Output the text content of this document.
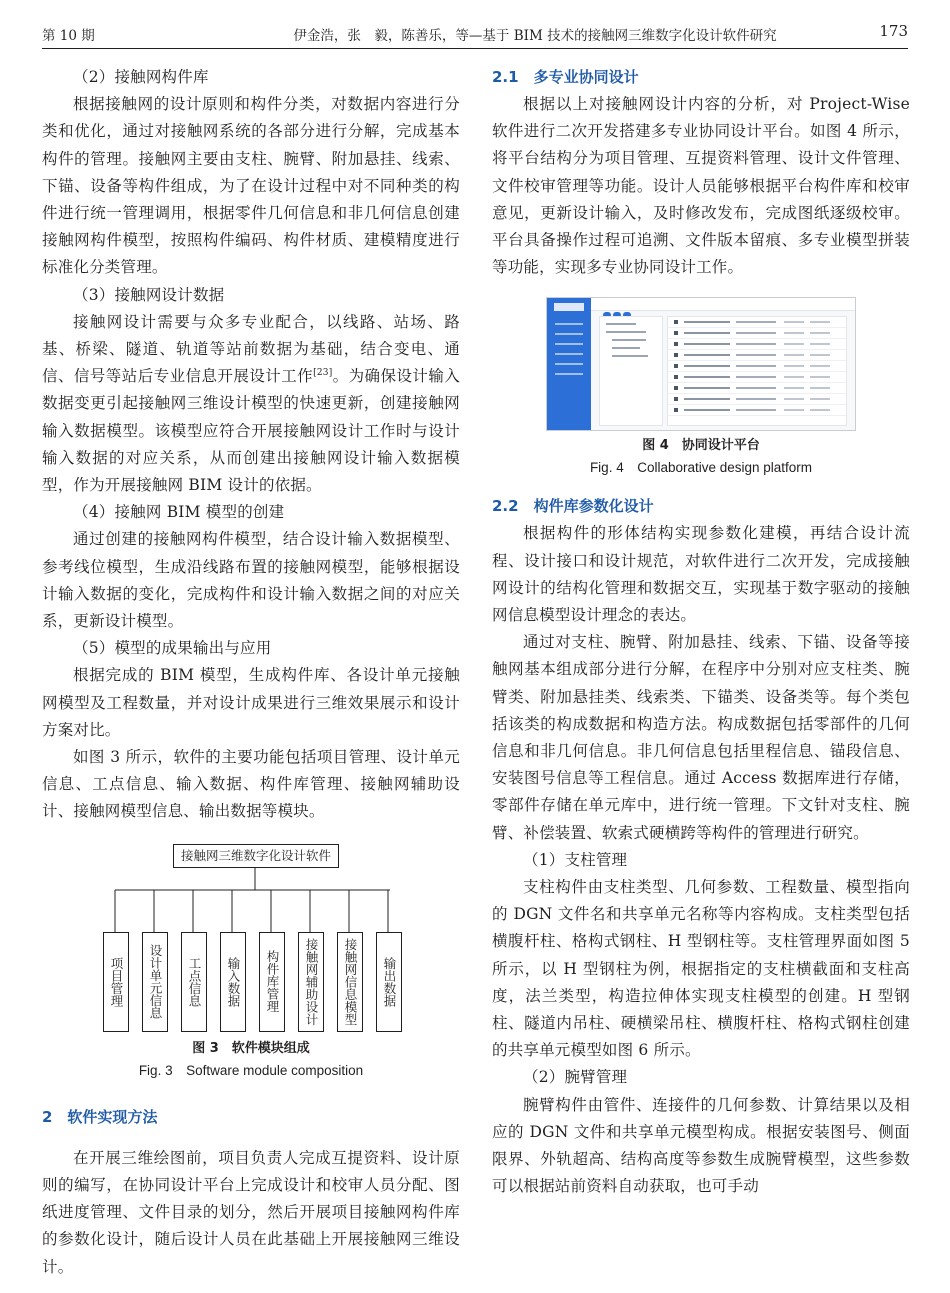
第 10 期	伊金浩，张　毅，陈善乐，等—基于 BIM 技术的接触网三维数字化设计软件研究	173

（2）接触网构件库

根据接触网的设计原则和构件分类，对数据内容进行分类和优化，通过对接触网系统的各部分进行分解，完成基本构件的管理。接触网主要由支柱、腕臂、附加悬挂、线索、下锚、设备等构件组成，为了在设计过程中对不同种类的构件进行统一管理调用，根据零件几何信息和非几何信息创建接触网构件模型，按照构件编码、构件材质、建模精度进行标准化分类管理。

（3）接触网设计数据

接触网设计需要与众多专业配合，以线路、站场、路基、桥梁、隧道、轨道等站前数据为基础，结合变电、通信、信号等站后专业信息开展设计工作[23]。为确保设计输入数据变更引起接触网三维设计模型的快速更新，创建接触网输入数据模型。该模型应符合开展接触网设计工作时与设计输入数据的对应关系，从而创建出接触网设计输入数据模型，作为开展接触网 BIM 设计的依据。

（4）接触网 BIM 模型的创建

通过创建的接触网构件模型，结合设计输入数据模型、参考线位模型，生成沿线路布置的接触网模型，能够根据设计输入数据的变化，完成构件和设计输入数据之间的对应关系，更新设计模型。

（5）模型的成果输出与应用

根据完成的 BIM 模型，生成构件库、各设计单元接触网模型及工程数量，并对设计成果进行三维效果展示和设计方案对比。

如图 3 所示，软件的主要功能包括项目管理、设计单元信息、工点信息、输入数据、构件库管理、接触网辅助设计、接触网模型信息、输出数据等模块。

接触网三维数字化设计软件
项目管理	设计单元信息	工点信息	输入数据	构件库管理	接触网辅助设计	接触网信息模型	输出数据
图 3　软件模块组成
Fig. 3　Software module composition

2　软件实现方法

在开展三维绘图前，项目负责人完成互提资料、设计原则的编写，在协同设计平台上完成设计和校审人员分配、图纸进度管理、文件目录的划分，然后开展项目接触网构件库的参数化设计，随后设计人员在此基础上开展接触网三维设计。

2.1　多专业协同设计

根据以上对接触网设计内容的分析，对 Project-Wise 软件进行二次开发搭建多专业协同设计平台。如图 4 所示，将平台结构分为项目管理、互提资料管理、设计文件管理、文件校审管理等功能。设计人员能够根据平台构件库和校审意见，更新设计输入，及时修改发布，完成图纸逐级校审。平台具备操作过程可追溯、文件版本留痕、多专业模型拼装等功能，实现多专业协同设计工作。

图 4　协同设计平台
Fig. 4　Collaborative design platform

2.2　构件库参数化设计

根据构件的形体结构实现参数化建模，再结合设计流程、设计接口和设计规范，对软件进行二次开发，完成接触网设计的结构化管理和数据交互，实现基于数字驱动的接触网信息模型设计理念的表达。

通过对支柱、腕臂、附加悬挂、线索、下锚、设备等接触网基本组成部分进行分解，在程序中分别对应支柱类、腕臂类、附加悬挂类、线索类、下锚类、设备类等。每个类包括该类的构成数据和构造方法。构成数据包括零部件的几何信息和非几何信息。非几何信息包括里程信息、锚段信息、安装图号信息等工程信息。通过 Access 数据库进行存储，零部件存储在单元库中，进行统一管理。下文针对支柱、腕臂、补偿装置、软索式硬横跨等构件的管理进行研究。

（1）支柱管理

支柱构件由支柱类型、几何参数、工程数量、模型指向的 DGN 文件名和共享单元名称等内容构成。支柱类型包括横腹杆柱、格构式钢柱、H 型钢柱等。支柱管理界面如图 5 所示，以 H 型钢柱为例，根据指定的支柱横截面和支柱高度，法兰类型，构造拉伸体实现支柱模型的创建。H 型钢柱、隧道内吊柱、硬横梁吊柱、横腹杆柱、格构式钢柱创建的共享单元模型如图 6 所示。

（2）腕臂管理

腕臂构件由管件、连接件的几何参数、计算结果以及相应的 DGN 文件和共享单元模型构成。根据安装图号、侧面限界、外轨超高、结构高度等参数生成腕臂模型，这些参数可以根据站前资料自动获取，也可手动
